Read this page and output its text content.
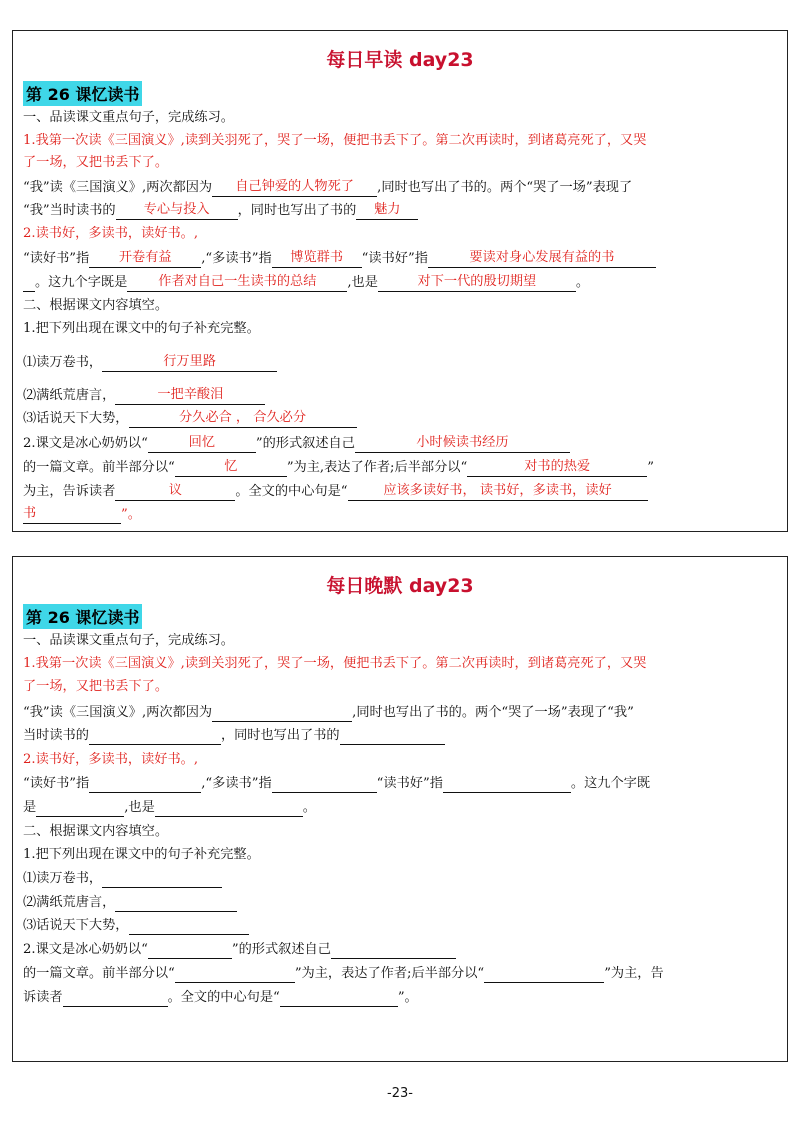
每日早读 day23
第 26 课忆读书
一、品读课文重点句子，完成练习。
1.我第一次读《三国演义》,读到关羽死了，哭了一场，便把书丢下了。第二次再读时，到诸葛亮死了，又哭
了一场，又把书丢下了。
“我”读《三国演义》,两次都因为 自己钟爱的人物死了 ,同时也写出了书的。两个“哭了一场”表现了
“我”当时读书的 专心与投入 ，同时也写出了书的 魅力
2.读书好，多读书，读好书。,
“读好书”指 开卷有益 ,“多读书”指 博览群书 “读书好”指	要读对身心发展有益的书
。这九个字既是 作者对自己一生读书的总结 ,也是	对下一代的殷切期望	。
二、根据课文内容填空。
1.把下列出现在课文中的句子补充完整。
⑴读万卷书，	行万里路
⑵满纸荒唐言，	一把辛酸泪
⑶话说天下大势，	分久必合 ， 合久必分
2.课文是冰心奶奶以“	回忆	”的形式叙述自己	小时候读书经历
的一篇文章。前半部分以“	忆	”为主,表达了作者;后半部分以“	对书的热爱	”
为主，告诉读者	议	。全文的中心句是“	应该多读好书， 读书好，多读书，读好
书	”。
每日晚默 day23
第 26 课忆读书
一、品读课文重点句子，完成练习。
1.我第一次读《三国演义》,读到关羽死了，哭了一场，便把书丢下了。第二次再读时，到诸葛亮死了，又哭
了一场，又把书丢下了。
“我”读《三国演义》,两次都因为	,同时也写出了书的。两个“哭了一场”表现了“我”
当时读书的	，同时也写出了书的
2.读书好，多读书，读好书。,
“读好书”指	,“多读书”指	“读书好”指	。这九个字既
是	,也是	。
二、根据课文内容填空。
1.把下列出现在课文中的句子补充完整。
⑴读万卷书，
⑵满纸荒唐言，
⑶话说天下大势，
2.课文是冰心奶奶以“	”的形式叙述自己
的一篇文章。前半部分以“	”为主，表达了作者;后半部分以“	”为主，告
诉读者	。全文的中心句是“	”。
-23-
